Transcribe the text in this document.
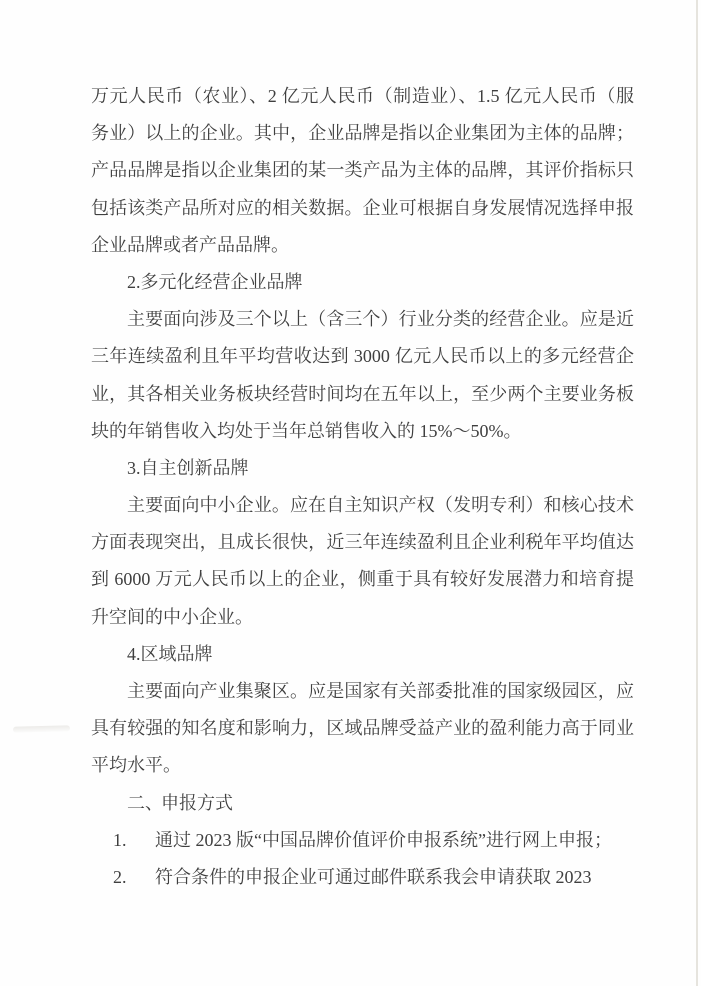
万元人民币（农业）、2 亿元人民币（制造业）、1.5 亿元人民币（服
务业）以上的企业。其中，企业品牌是指以企业集团为主体的品牌；
产品品牌是指以企业集团的某一类产品为主体的品牌，其评价指标只
包括该类产品所对应的相关数据。企业可根据自身发展情况选择申报
企业品牌或者产品品牌。
2.多元化经营企业品牌
主要面向涉及三个以上（含三个）行业分类的经营企业。应是近
三年连续盈利且年平均营收达到 3000 亿元人民币以上的多元经营企
业，其各相关业务板块经营时间均在五年以上，至少两个主要业务板
块的年销售收入均处于当年总销售收入的 15%～50%。
3.自主创新品牌
主要面向中小企业。应在自主知识产权（发明专利）和核心技术
方面表现突出，且成长很快，近三年连续盈利且企业利税年平均值达
到 6000 万元人民币以上的企业，侧重于具有较好发展潜力和培育提
升空间的中小企业。
4.区域品牌
主要面向产业集聚区。应是国家有关部委批准的国家级园区，应
具有较强的知名度和影响力，区域品牌受益产业的盈利能力高于同业
平均水平。
二、申报方式
1. 通过 2023 版“中国品牌价值评价申报系统”进行网上申报；
2. 符合条件的申报企业可通过邮件联系我会申请获取 2023
